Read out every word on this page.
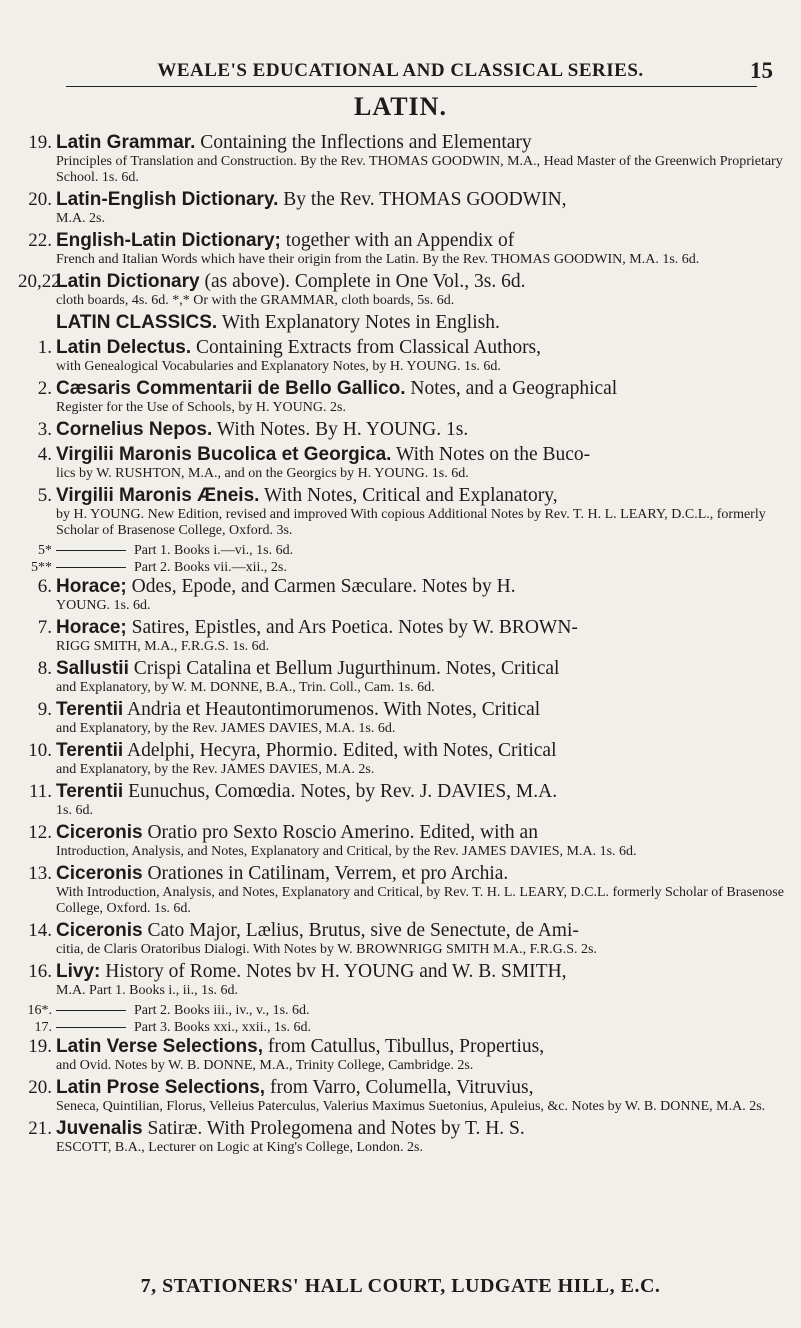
WEALE'S EDUCATIONAL AND CLASSICAL SERIES.	15
LATIN.
19. Latin Grammar. Containing the Inflections and Elementary
Principles of Translation and Construction. By the Rev. THOMAS GOODWIN, M.A., Head Master of the Greenwich Proprietary School. 1s. 6d.
20. Latin-English Dictionary. By the Rev. THOMAS GOODWIN,
M.A. 2s.
22. English-Latin Dictionary; together with an Appendix of
French and Italian Words which have their origin from the Latin. By the Rev. THOMAS GOODWIN, M.A. 1s. 6d.
20,22.
Latin Dictionary (as above). Complete in One Vol., 3s. 6d.
cloth boards, 4s. 6d. *,* Or with the GRAMMAR, cloth boards, 5s. 6d.
LATIN CLASSICS. With Explanatory Notes in English.
1. Latin Delectus. Containing Extracts from Classical Authors,
with Genealogical Vocabularies and Explanatory Notes, by H. YOUNG. 1s. 6d.
2. Cæsaris Commentarii de Bello Gallico. Notes, and a Geographical
Register for the Use of Schools, by H. YOUNG. 2s.
3. Cornelius Nepos. With Notes. By H. YOUNG. 1s.
4. Virgilii Maronis Bucolica et Georgica. With Notes on the Buco-
lics by W. RUSHTON, M.A., and on the Georgics by H. YOUNG. 1s. 6d.
5. Virgilii Maronis Æneis. With Notes, Critical and Explanatory,
by H. YOUNG. New Edition, revised and improved With copious Additional Notes by Rev. T. H. L. LEARY, D.C.L., formerly Scholar of Brasenose College, Oxford. 3s.
5*	Part 1. Books i.—vi., 1s. 6d.
5**	Part 2. Books vii.—xii., 2s.
6. Horace; Odes, Epode, and Carmen Sæculare. Notes by H.
YOUNG. 1s. 6d.
7. Horace; Satires, Epistles, and Ars Poetica. Notes by W. BROWN-
RIGG SMITH, M.A., F.R.G.S. 1s. 6d.
8. Sallustii Crispi Catalina et Bellum Jugurthinum. Notes, Critical
and Explanatory, by W. M. DONNE, B.A., Trin. Coll., Cam. 1s. 6d.
9. Terentii Andria et Heautontimorumenos. With Notes, Critical
and Explanatory, by the Rev. JAMES DAVIES, M.A. 1s. 6d.
10. Terentii Adelphi, Hecyra, Phormio. Edited, with Notes, Critical
and Explanatory, by the Rev. JAMES DAVIES, M.A. 2s.
11. Terentii Eunuchus, Comœdia. Notes, by Rev. J. DAVIES, M.A.
1s. 6d.
12. Ciceronis Oratio pro Sexto Roscio Amerino. Edited, with an
Introduction, Analysis, and Notes, Explanatory and Critical, by the Rev. JAMES DAVIES, M.A. 1s. 6d.
13. Ciceronis Orationes in Catilinam, Verrem, et pro Archia.
With Introduction, Analysis, and Notes, Explanatory and Critical, by Rev. T. H. L. LEARY, D.C.L. formerly Scholar of Brasenose College, Oxford. 1s. 6d.
14. Ciceronis Cato Major, Lælius, Brutus, sive de Senectute, de Ami-
citia, de Claris Oratoribus Dialogi. With Notes by W. BROWNRIGG SMITH M.A., F.R.G.S. 2s.
16. Livy: History of Rome. Notes bv H. YOUNG and W. B. SMITH,
M.A. Part 1. Books i., ii., 1s. 6d.
16*.	Part 2. Books iii., iv., v., 1s. 6d.
17.	Part 3. Books xxi., xxii., 1s. 6d.
19. Latin Verse Selections, from Catullus, Tibullus, Propertius,
and Ovid. Notes by W. B. DONNE, M.A., Trinity College, Cambridge. 2s.
20. Latin Prose Selections, from Varro, Columella, Vitruvius,
Seneca, Quintilian, Florus, Velleius Paterculus, Valerius Maximus Suetonius, Apuleius, &c. Notes by W. B. DONNE, M.A. 2s.
21. Juvenalis Satiræ. With Prolegomena and Notes by T. H. S.
ESCOTT, B.A., Lecturer on Logic at King's College, London. 2s.
7, STATIONERS' HALL COURT, LUDGATE HILL, E.C.
